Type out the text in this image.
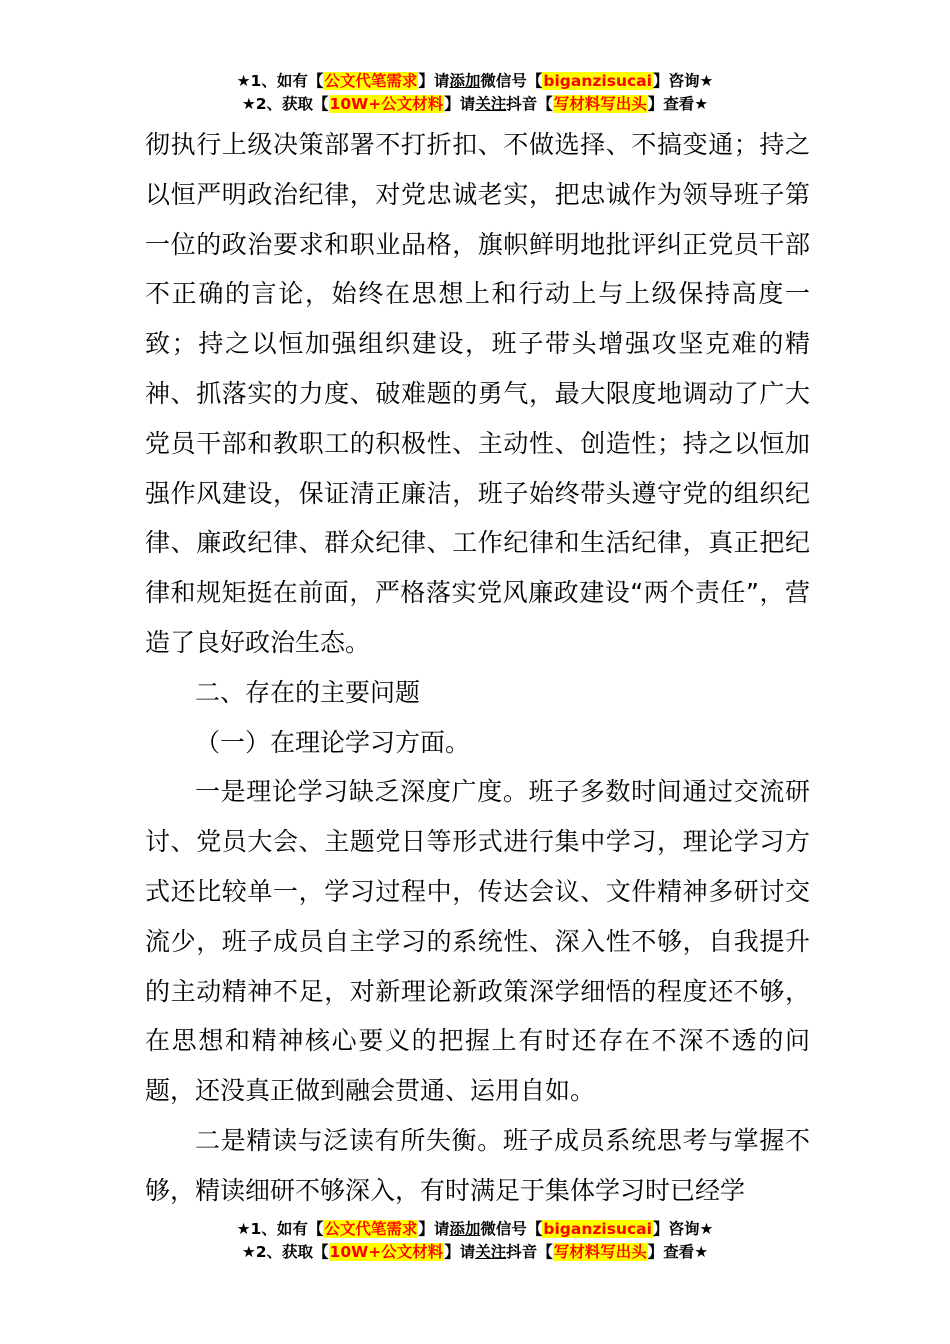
★1、如有【公文代笔需求】请添加微信号【biganzisucai】咨询★
★2、获取【10W+公文材料】请关注抖音【写材料写出头】查看★

彻执行上级决策部署不打折扣、不做选择、不搞变通；持之以恒严明政治纪律，对党忠诚老实，把忠诚作为领导班子第一位的政治要求和职业品格，旗帜鲜明地批评纠正党员干部不正确的言论，始终在思想上和行动上与上级保持高度一致；持之以恒加强组织建设，班子带头增强攻坚克难的精神、抓落实的力度、破难题的勇气，最大限度地调动了广大党员干部和教职工的积极性、主动性、创造性；持之以恒加强作风建设，保证清正廉洁，班子始终带头遵守党的组织纪律、廉政纪律、群众纪律、工作纪律和生活纪律，真正把纪律和规矩挺在前面，严格落实党风廉政建设“两个责任”，营造了良好政治生态。

二、存在的主要问题

（一）在理论学习方面。

一是理论学习缺乏深度广度。班子多数时间通过交流研讨、党员大会、主题党日等形式进行集中学习，理论学习方式还比较单一，学习过程中，传达会议、文件精神多研讨交流少，班子成员自主学习的系统性、深入性不够，自我提升的主动精神不足，对新理论新政策深学细悟的程度还不够，在思想和精神核心要义的把握上有时还存在不深不透的问题，还没真正做到融会贯通、运用自如。

二是精读与泛读有所失衡。班子成员系统思考与掌握不够，精读细研不够深入，有时满足于集体学习时已经学

★1、如有【公文代笔需求】请添加微信号【biganzisucai】咨询★
★2、获取【10W+公文材料】请关注抖音【写材料写出头】查看★
